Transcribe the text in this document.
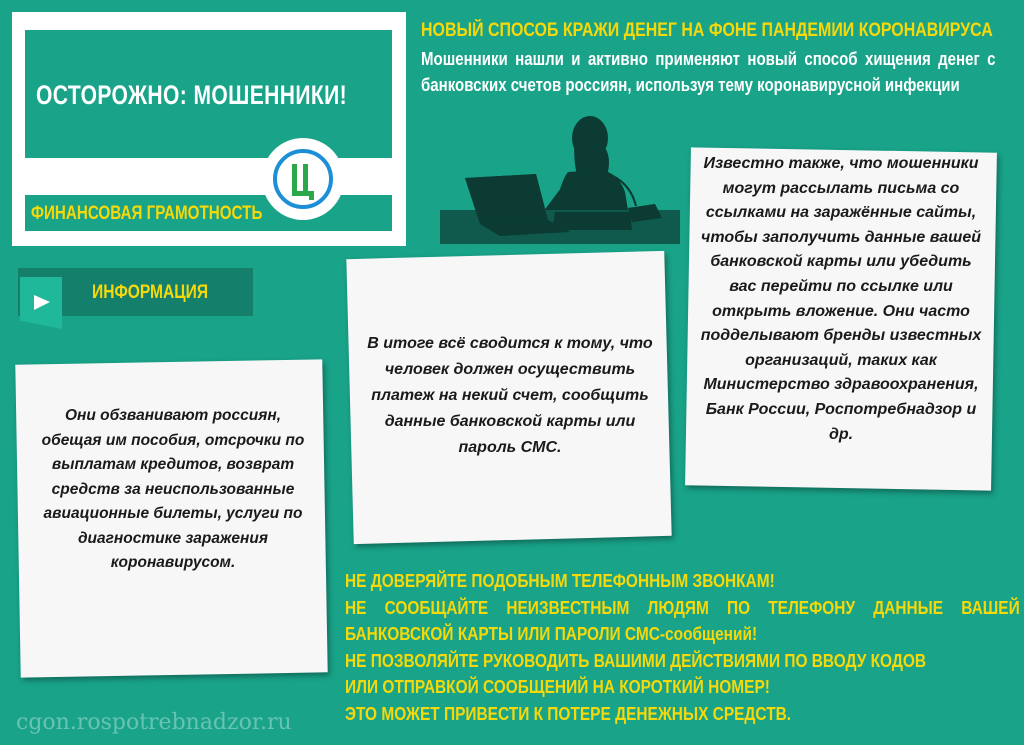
ОСТОРОЖНО: МОШЕННИКИ!
ФИНАНСОВАЯ ГРАМОТНОСТЬ
ИНФОРМАЦИЯ
НОВЫЙ СПОСОБ КРАЖИ ДЕНЕГ НА ФОНЕ ПАНДЕМИИ КОРОНАВИРУСА
Мошенники нашли и активно применяют новый способ хищения денег с банковских счетов россиян, используя тему коронавирусной инфекции
Они обзванивают россиян, обещая им пособия, отсрочки по выплатам кредитов, возврат средств за неиспользованные авиационные билеты, услуги по диагностике заражения коронавирусом.
В итоге всё сводится к тому, что человек должен осуществить платеж на некий счет, сообщить данные банковской карты или пароль СМС.
Известно также, что мошенники могут рассылать письма со ссылками на заражённые сайты, чтобы заполучить данные вашей банковской карты или убедить вас перейти по ссылке или открыть вложение. Они часто подделывают бренды известных организаций, таких как Министерство здравоохранения, Банк России, Роспотребнадзор и др.
НЕ ДОВЕРЯЙТЕ ПОДОБНЫМ ТЕЛЕФОННЫМ ЗВОНКАМ!
НЕ СООБЩАЙТЕ НЕИЗВЕСТНЫМ ЛЮДЯМ ПО ТЕЛЕФОНУ ДАННЫЕ ВАШЕЙ
БАНКОВСКОЙ КАРТЫ ИЛИ ПАРОЛИ СМС-сообщений!
НЕ ПОЗВОЛЯЙТЕ РУКОВОДИТЬ ВАШИМИ ДЕЙСТВИЯМИ ПО ВВОДУ КОДОВ
ИЛИ ОТПРАВКОЙ СООБЩЕНИЙ НА КОРОТКИЙ НОМЕР!
ЭТО МОЖЕТ ПРИВЕСТИ К ПОТЕРЕ ДЕНЕЖНЫХ СРЕДСТВ.
cgon.rospotrebnadzor.ru
